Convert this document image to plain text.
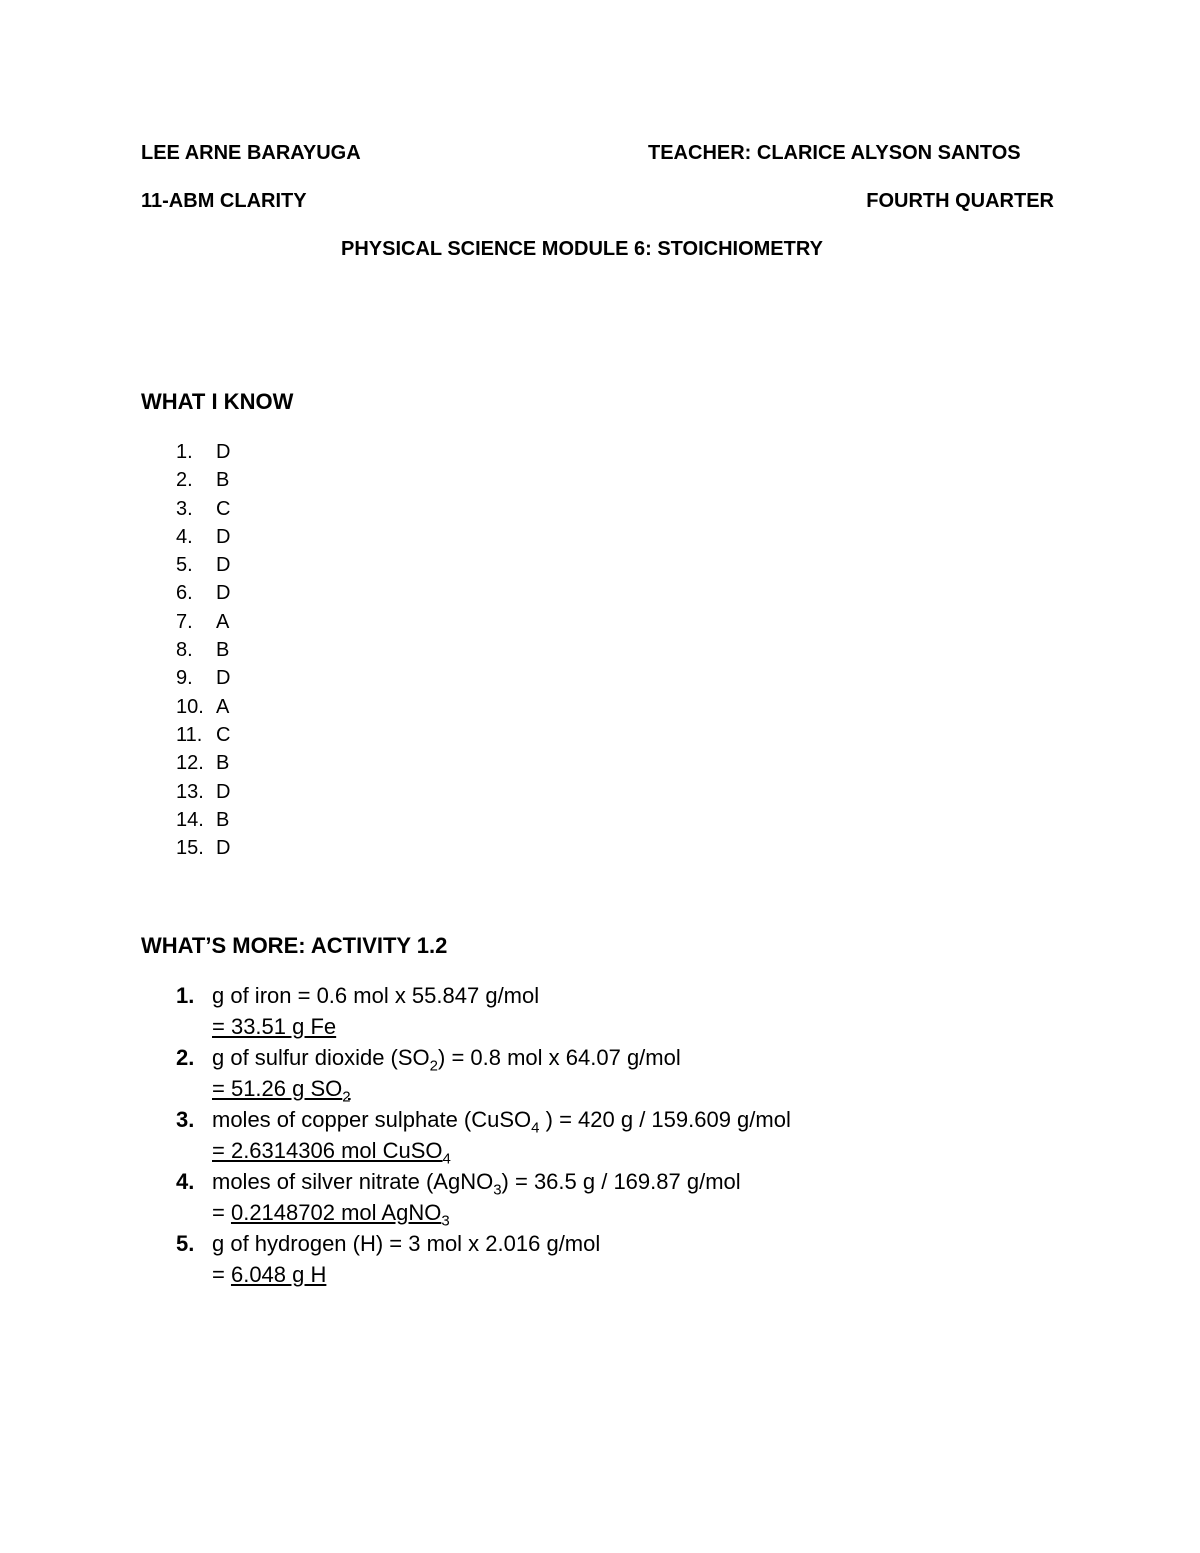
LEE ARNE BARAYUGA	TEACHER: CLARICE ALYSON SANTOS
11-ABM CLARITY	FOURTH QUARTER
PHYSICAL SCIENCE MODULE 6: STOICHIOMETRY
WHAT I KNOW
1. D
2. B
3. C
4. D
5. D
6. D
7. A
8. B
9. D
10. A
11. C
12. B
13. D
14. B
15. D
WHAT’S MORE: ACTIVITY 1.2
1. g of iron = 0.6 mol x 55.847 g/mol
= 33.51 g Fe
2. g of sulfur dioxide $(SO_2) = 0.8$ mol x 64.07 g/mol
= 51.26 g $SO_2$
3. moles of copper sulphate (CuSO$_4$ ) = 420 g / 159.609 g/mol
= 2.6314306 mol CuSO$_4$
4. moles of silver nitrate (AgNO$_3$) = 36.5 g / 169.87 g/mol
= 0.2148702 mol AgNO$_3$
5. g of hydrogen (H) = 3 mol x 2.016 g/mol
= 6.048 g H
